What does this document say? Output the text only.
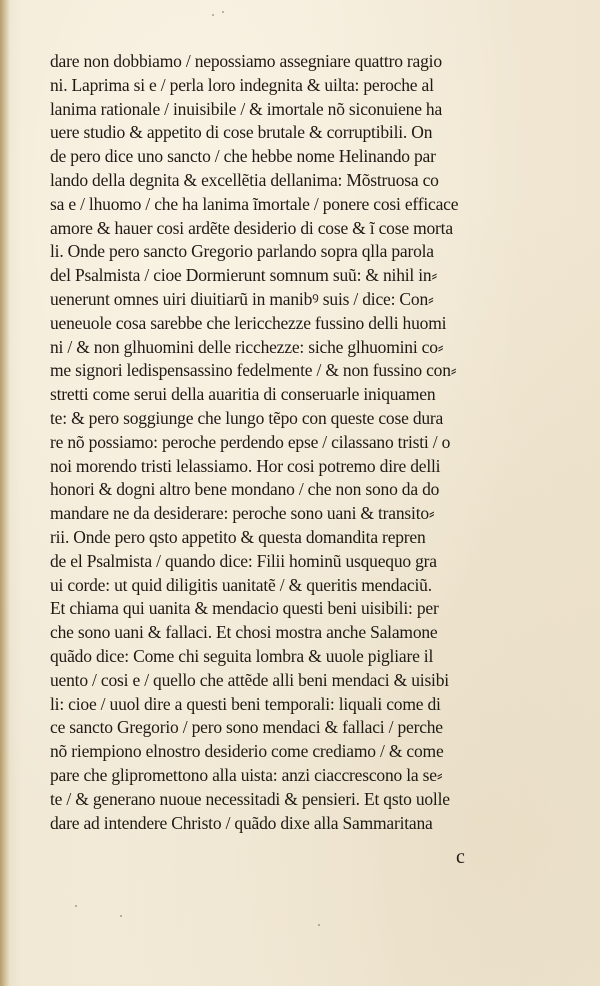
dare non dobbiamo / nepossiamo assegniare quattro ragio
ni. Laprima si e / perla loro indegnita & uilta: peroche al
lanima rationale / inuisibile / & imortale nõ siconuiene ha
uere studio & appetito di cose brutale & corruptibili. On
de pero dice uno sancto / che hebbe nome Helinando par
lando della degnita & excellẽtia dellanima: Mõstruosa co
sa e / lhuomo / che ha lanima ĩmortale / ponere cosi efficace
amore & hauer cosi ardẽte desiderio di cose & ĩ cose morta
li. Onde pero sancto Gregorio parlando sopra qlla parola
del Psalmista / cioe Dormierunt somnum suũ: & nihil in⸗
uenerunt omnes uiri diuitiarũ in manibꝰ suis / dice: Con⸗
ueneuole cosa sarebbe che lericchezze fussino delli huomi
ni / & non glhuomini delle ricchezze: siche glhuomini co⸗
me signori ledispensassino fedelmente / & non fussino con⸗
stretti come serui della auaritia di conseruarle iniquamen
te: & pero soggiunge che lungo tẽpo con queste cose dura
re nõ possiamo: peroche perdendo epse / cilassano tristi / o
noi morendo tristi lelassiamo. Hor cosi potremo dire delli
honori & dogni altro bene mondano / che non sono da do
mandare ne da desiderare: peroche sono uani & transito⸗
rii. Onde pero qsto appetito & questa domandita repren
de el Psalmista / quando dice: Filii hominũ usquequo gra
ui corde: ut quid diligitis uanitatẽ / & queritis mendaciũ.
Et chiama qui uanita & mendacio questi beni uisibili: per
che sono uani & fallaci. Et chosi mostra anche Salamone
quãdo dice: Come chi seguita lombra & uuole pigliare il
uento / cosi e / quello che attẽde alli beni mendaci & uisibi
li: cioe / uuol dire a questi beni temporali: liquali come di
ce sancto Gregorio / pero sono mendaci & fallaci / perche
nõ riempiono elnostro desiderio come crediamo / & come
pare che glipromettono alla uista: anzi ciaccrescono la se⸗
te / & generano nuoue necessitadi & pensieri. Et qsto uolle
dare ad intendere Christo / quãdo dixe alla Sammaritana
c
